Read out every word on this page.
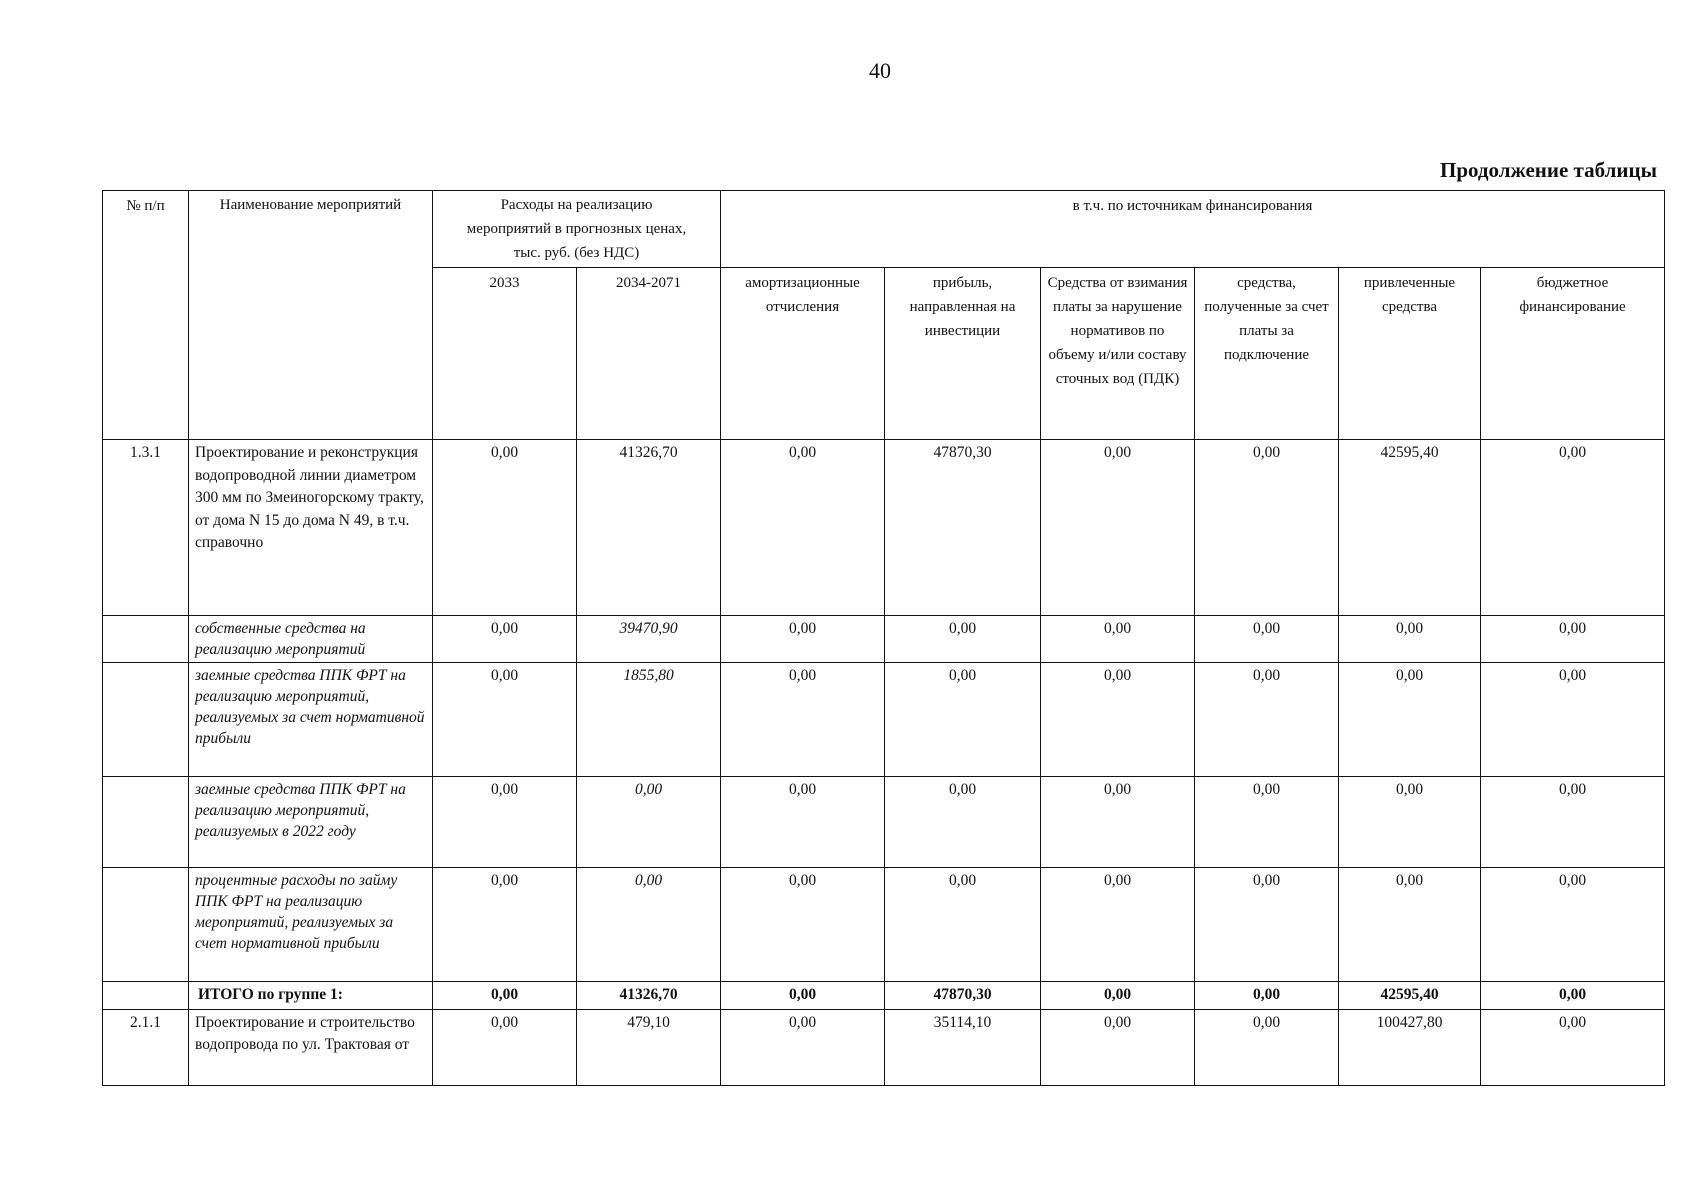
40
Продолжение таблицы
№ п/п	Наименование мероприятий	Расходы на реализацию мероприятий в прогнозных ценах, тыс. руб. (без НДС)		в т.ч. по источникам финансирования					
		2033	2034-2071	амортизационные отчисления	прибыль, направленная на инвестиции	Средства от взимания платы за нарушение нормативов по объему и/или составу сточных вод (ПДК)	средства, полученные за счет платы за подключение	привлеченные средства	бюджетное финансирование
1.3.1	Проектирование и реконструкция водопроводной линии диаметром 300 мм по Змеиногорскому тракту, от дома N 15 до дома N 49, в т.ч. справочно	0,00	41326,70	0,00	47870,30	0,00	0,00	42595,40	0,00
	собственные средства на реализацию мероприятий	0,00	39470,90	0,00	0,00	0,00	0,00	0,00	0,00
	заемные средства ППК ФРТ на реализацию мероприятий, реализуемых за счет нормативной прибыли	0,00	1855,80	0,00	0,00	0,00	0,00	0,00	0,00
	заемные средства ППК ФРТ на реализацию мероприятий, реализуемых в 2022 году	0,00	0,00	0,00	0,00	0,00	0,00	0,00	0,00
	процентные расходы по займу ППК ФРТ на реализацию мероприятий, реализуемых за счет нормативной прибыли	0,00	0,00	0,00	0,00	0,00	0,00	0,00	0,00
	ИТОГО по группе 1:	0,00	41326,70	0,00	47870,30	0,00	0,00	42595,40	0,00
2.1.1	Проектирование и строительство водопровода по ул. Трактовая от	0,00	479,10	0,00	35114,10	0,00	0,00	100427,80	0,00
